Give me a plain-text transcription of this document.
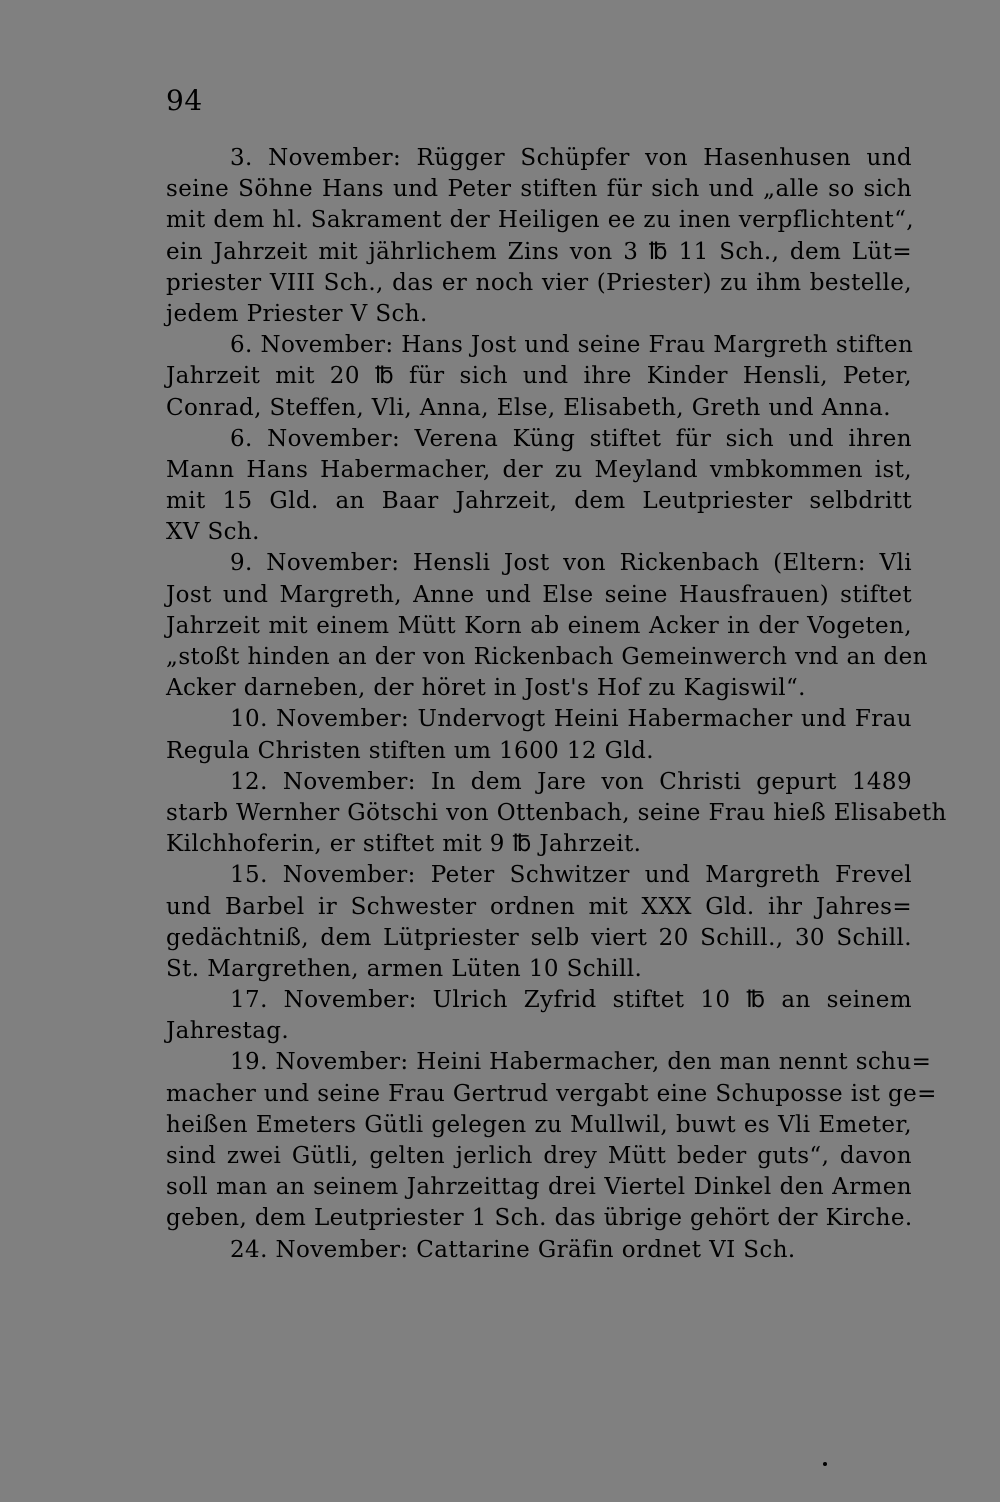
94
3. November: Rügger Schüpfer von Hasenhusen und
seine Söhne Hans und Peter stiften für sich und „alle so sich
mit dem hl. Sakrament der Heiligen ee zu inen verpflichtent“,
ein Jahrzeit mit jährlichem Zins von 3 ℔ 11 Sch., dem Lüt=
priester VIII Sch., das er noch vier (Priester) zu ihm bestelle,
jedem Priester V Sch.
6. November: Hans Jost und seine Frau Margreth stiften
Jahrzeit mit 20 ℔ für sich und ihre Kinder Hensli, Peter,
Conrad, Steffen, Vli, Anna, Else, Elisabeth, Greth und Anna.
6. November: Verena Küng stiftet für sich und ihren
Mann Hans Habermacher, der zu Meyland vmbkommen ist,
mit 15 Gld. an Baar Jahrzeit, dem Leutpriester selbdritt
XV Sch.
9. November: Hensli Jost von Rickenbach (Eltern: Vli
Jost und Margreth, Anne und Else seine Hausfrauen) stiftet
Jahrzeit mit einem Mütt Korn ab einem Acker in der Vogeten,
„stoßt hinden an der von Rickenbach Gemeinwerch vnd an den
Acker darneben, der höret in Jost's Hof zu Kagiswil“.
10. November: Undervogt Heini Habermacher und Frau
Regula Christen stiften um 1600 12 Gld.
12. November: In dem Jare von Christi gepurt 1489
starb Wernher Götschi von Ottenbach, seine Frau hieß Elisabeth
Kilchhoferin, er stiftet mit 9 ℔ Jahrzeit.
15. November: Peter Schwitzer und Margreth Frevel
und Barbel ir Schwester ordnen mit XXX Gld. ihr Jahres=
gedächtniß, dem Lütpriester selb viert 20 Schill., 30 Schill.
St. Margrethen, armen Lüten 10 Schill.
17. November: Ulrich Zyfrid stiftet 10 ℔ an seinem
Jahrestag.
19. November: Heini Habermacher, den man nennt schu=
macher und seine Frau Gertrud vergabt eine Schuposse ist ge=
heißen Emeters Gütli gelegen zu Mullwil, buwt es Vli Emeter,
sind zwei Gütli, gelten jerlich drey Mütt beder guts“, davon
soll man an seinem Jahrzeittag drei Viertel Dinkel den Armen
geben, dem Leutpriester 1 Sch. das übrige gehört der Kirche.
24. November: Cattarine Gräfin ordnet VI Sch.
